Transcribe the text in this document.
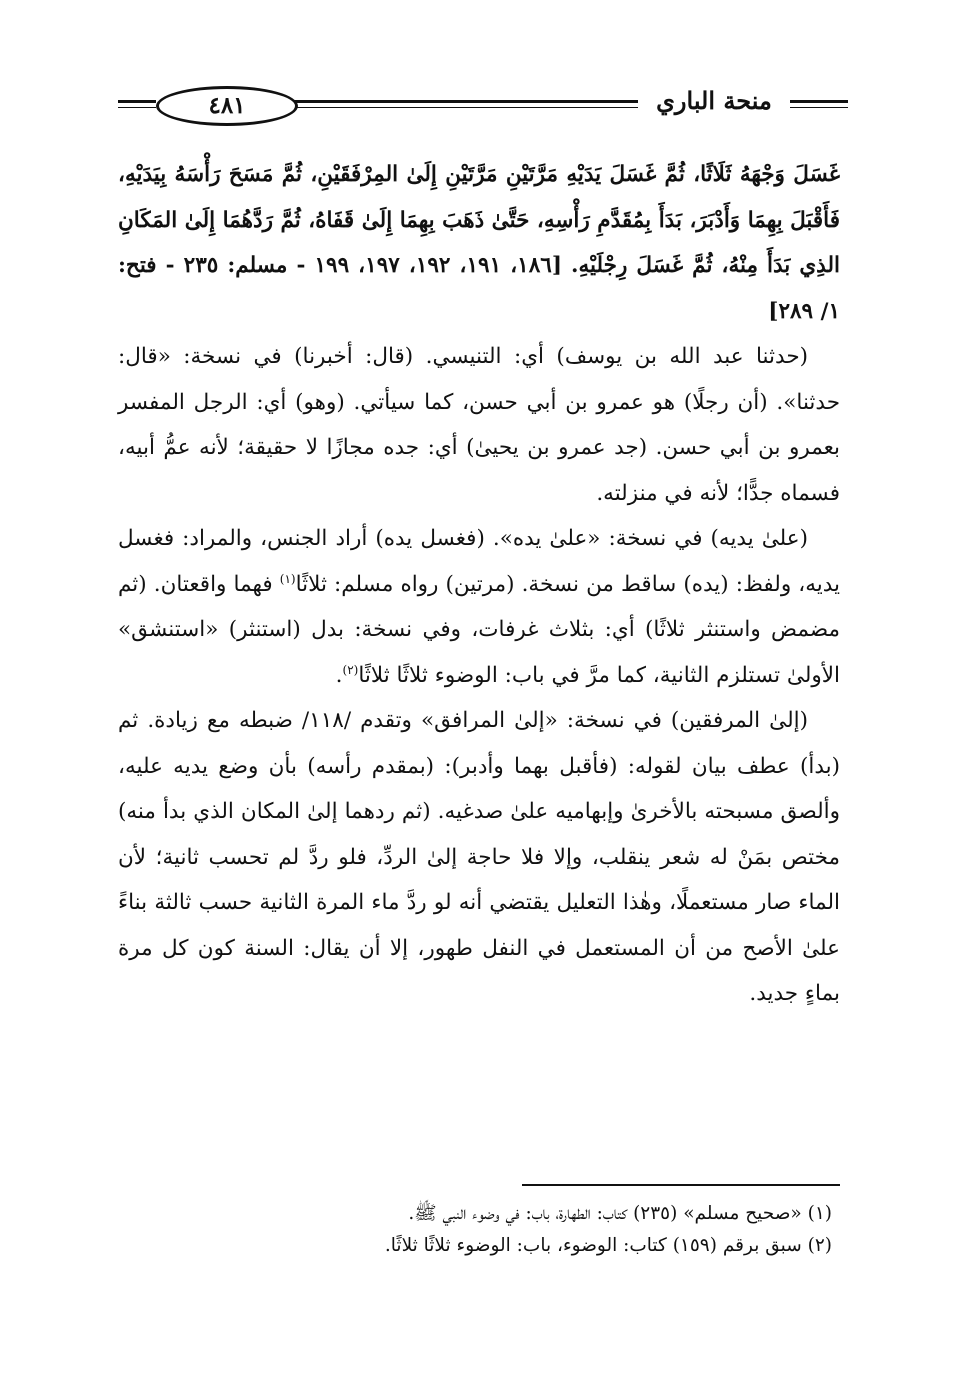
منحة الباري
٤٨١

غَسَلَ وَجْهَهُ ثَلَاثًا، ثُمَّ غَسَلَ يَدَيْهِ مَرَّتَيْنِ مَرَّتَيْنِ إِلَىٰ المِرْفَقَيْنِ، ثُمَّ مَسَحَ رَأْسَهُ بِيَدَيْهِ، فَأَقْبَلَ بِهِمَا وَأَدْبَرَ، بَدَأَ بِمُقَدَّمِ رَأْسِهِ، حَتَّىٰ ذَهَبَ بِهِمَا إِلَىٰ قَفَاهُ، ثُمَّ رَدَّهُمَا إِلَىٰ المَكَانِ الذِي بَدَأَ مِنْهُ، ثُمَّ غَسَلَ رِجْلَيْهِ. [١٨٦، ١٩١، ١٩٢، ١٩٧، ١٩٩ - مسلم: ٢٣٥ - فتح: ١/ ٢٨٩]

(حدثنا عبد الله بن يوسف) أي: التنيسي. (قال: أخبرنا) في نسخة: «قال: حدثنا». (أن رجلًا) هو عمرو بن أبي حسن، كما سيأتي. (وهو) أي: الرجل المفسر بعمرو بن أبي حسن. (جد عمرو بن يحيىٰ) أي: جده مجازًا لا حقيقة؛ لأنه عمُّ أبيه، فسماه جدًّا؛ لأنه في منزلته.

(علىٰ يديه) في نسخة: «علىٰ يده». (فغسل يده) أراد الجنس، والمراد: فغسل يديه، ولفظ: (يده) ساقط من نسخة. (مرتين) رواه مسلم: ثلاثًا$^{(١)}$ فهما واقعتان. (ثم مضمض واستنثر ثلاثًا) أي: بثلاث غرفات، وفي نسخة: بدل (استنثر) «استنشق» الأولىٰ تستلزم الثانية، كما مرَّ في باب: الوضوء ثلاثًا ثلاثًا$^{(٢)}$.

(إلىٰ المرفقين) في نسخة: «إلىٰ المرافق» وتقدم /١١٨/ ضبطه مع زيادة. ثم (بدأ) عطف بيان لقوله: (فأقبل بهما وأدبر): (بمقدم رأسه) بأن وضع يديه عليه، وألصق مسبحته بالأخرىٰ وإبهاميه علىٰ صدغيه. (ثم ردهما إلىٰ المكان الذي بدأ منه) مختص بمَنْ له شعر ينقلب، وإلا فلا حاجة إلىٰ الردِّ، فلو ردَّ لم تحسب ثانية؛ لأن الماء صار مستعملًا، وهٰذا التعليل يقتضي أنه لو ردَّ ماء المرة الثانية حسب ثالثة بناءً علىٰ الأصح من أن المستعمل في النفل طهور، إلا أن يقال: السنة كون كل مرة بماءٍ جديد.

(١) «صحيح مسلم» (٢٣٥) كتاب: الطهارة، باب: في وضوء النبي ﷺ.

(٢) سبق برقم (١٥٩) كتاب: الوضوء، باب: الوضوء ثلاثًا ثلاثًا.
